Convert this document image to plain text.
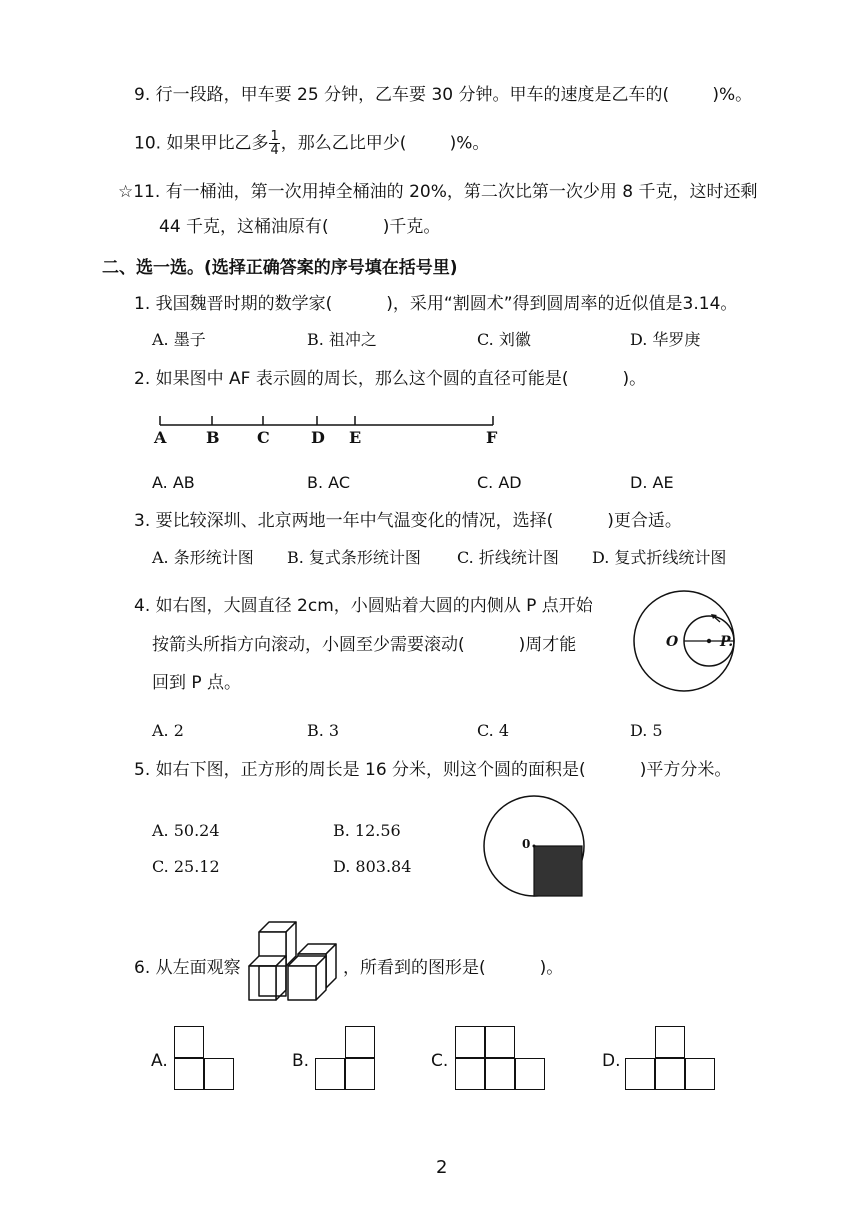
9. 行一段路，甲车要 25 分钟，乙车要 30 分钟。甲车的速度是乙车的(        )%。
10. 如果甲比乙多 $\frac{1}{4}$ ，那么乙比甲少(        )%。
☆11. 有一桶油，第一次用掉全桶油的 20%，第二次比第一次少用 8 千克，这时还剩
44 千克，这桶油原有(          )千克。
二、选一选。(选择正确答案的序号填在括号里)
1. 我国魏晋时期的数学家(          )，采用“割圆术”得到圆周率的近似值是3.14。
A. 墨子	B. 祖冲之	C. 刘徽	D. 华罗庚
2. 如果图中 AF 表示圆的周长，那么这个圆的直径可能是(          )。
A B C	D E	F
A. AB	B. AC	C. AD	D. AE
3. 要比较深圳、北京两地一年中气温变化的情况，选择(          )更合适。
A. 条形统计图 B. 复式条形统计图 C. 折线统计图 D. 复式折线统计图
4. 如右图，大圆直径 2cm，小圆贴着大圆的内侧从 P 点开始
按箭头所指方向滚动，小圆至少需要滚动(          )周才能
回到 P 点。
O	P.
A. 2	B. 3	C. 4	D. 5
5. 如右下图，正方形的周长是 16 分米，则这个圆的面积是(          )平方分米。
A. 50.24	B. 12.56
C. 25.12	D. 803.84
0
6. 从左面观察	，所看到的图形是(          )。
A.	B.	C.	D.
2
